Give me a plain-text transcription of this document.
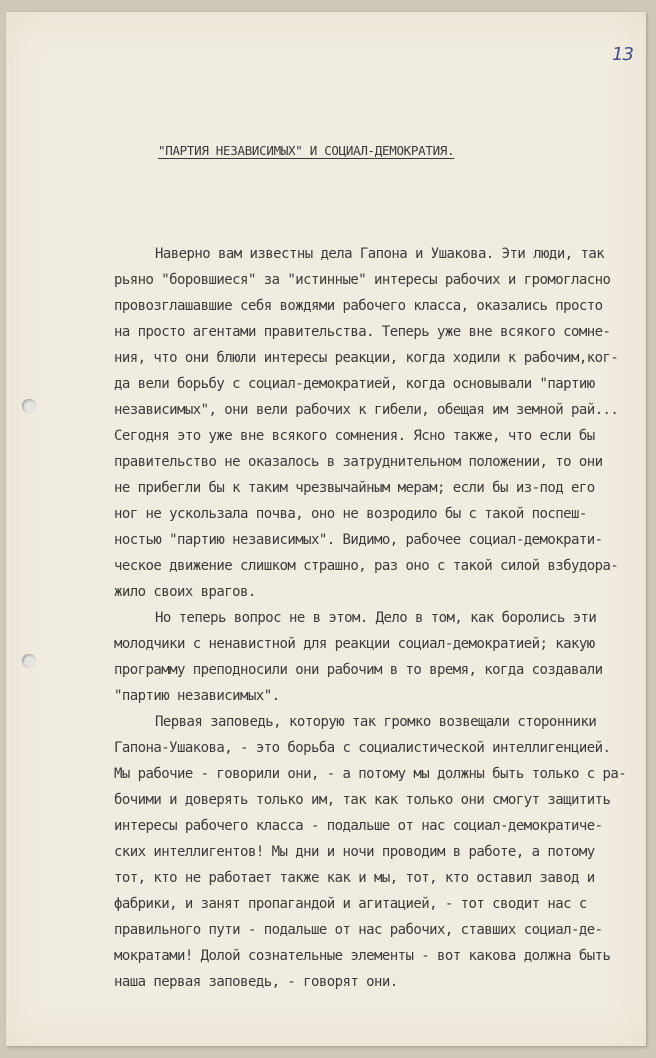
13
"ПАРТИЯ НЕЗАВИСИМЫХ" И СОЦИАЛ-ДЕМОКРАТИЯ.
Наверно вам известны дела Гапона и Ушакова. Эти люди, так
рьяно "боровшиеся" за "истинные" интересы рабочих и громогласно
провозглашавшие себя вождями рабочего класса, оказались просто
на просто агентами правительства. Теперь уже вне всякого сомне-
ния, что они блюли интересы реакции, когда ходили к рабочим,ког-
да вели борьбу с социал-демократией, когда основывали "партию
независимых", они вели рабочих к гибели, обещая им земной рай...
Сегодня это уже вне всякого сомнения. Ясно также, что если бы
правительство не оказалось в затруднительном положении, то они
не прибегли бы к таким чрезвычайным мерам; если бы из-под его
ног не ускользала почва, оно не возродило бы с такой поспеш-
ностью "партию независимых". Видимо, рабочее социал-демократи-
ческое движение слишком страшно, раз оно с такой силой взбудора-
жило своих врагов.
Но теперь вопрос не в этом. Дело в том, как боролись эти
молодчики с ненавистной для реакции социал-демократией; какую
программу преподносили они рабочим в то время, когда создавали
"партию независимых".
Первая заповедь, которую так громко возвещали сторонники
Гапона-Ушакова, - это борьба с социалистической интеллигенцией.
Мы рабочие - говорили они, - а потому мы должны быть только с ра-
бочими и доверять только им, так как только они смогут защитить
интересы рабочего класса - подальше от нас социал-демократиче-
ских интеллигентов! Мы дни и ночи проводим в работе, а потому
тот, кто не работает также как и мы, тот, кто оставил завод и
фабрики, и занят пропагандой и агитацией, - тот сводит нас с
правильного пути - подальше от нас рабочих, ставших социал-де-
мократами! Долой сознательные элементы - вот какова должна быть
наша первая заповедь, - говорят они.
